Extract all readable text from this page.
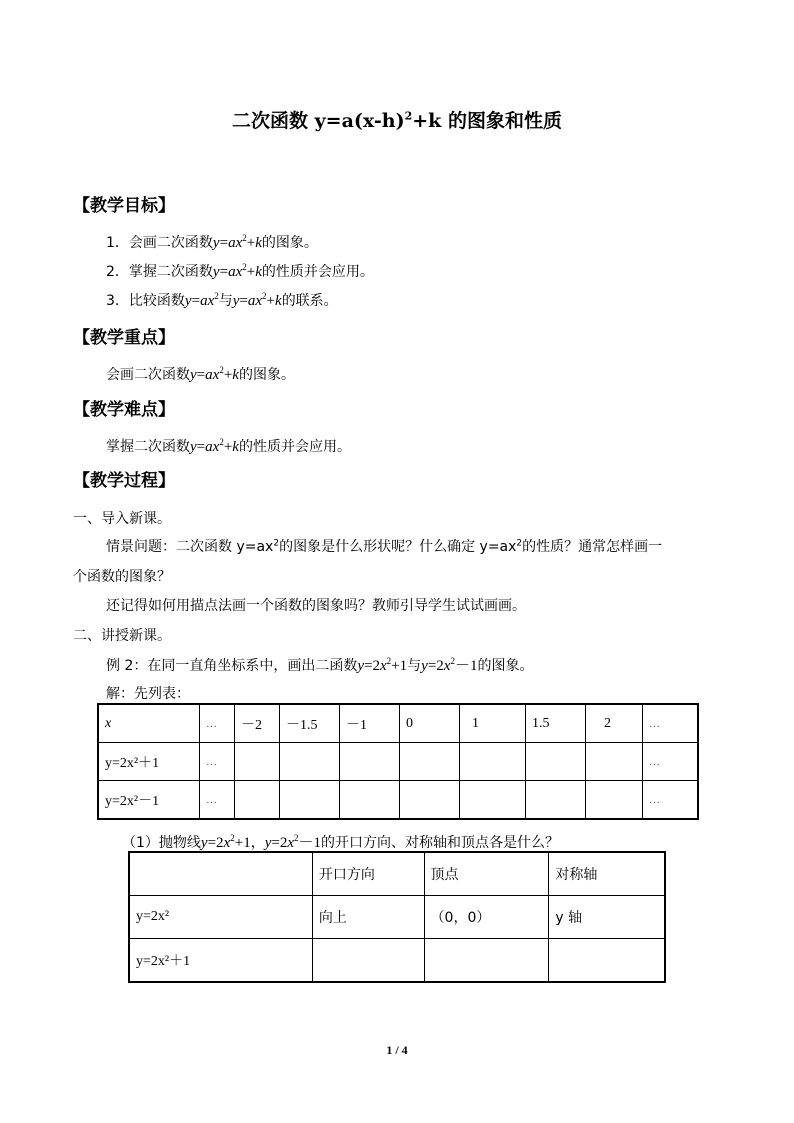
二次函数 $y=a(x-h)^2+k$ 的图象和性质
【教学目标】
1．会画二次函数$y=ax^2+k$的图象。
2．掌握二次函数$y=ax^2+k$的性质并会应用。
3．比较函数$y=ax^2$与$y=ax^2+k$的联系。
【教学重点】
会画二次函数$y=ax^2+k$的图象。
【教学难点】
掌握二次函数$y=ax^2+k$的性质并会应用。
【教学过程】
一、导入新课。
情景问题：二次函数 $y=ax^2$的图象是什么形状呢？什么确定 $y=ax^2$的性质？通常怎样画一
个函数的图象？
还记得如何用描点法画一个函数的图象吗？教师引导学生试试画画。
二、讲授新课。
例 2：在同一直角坐标系中，画出二函数$y=2x^2+1$与$y=2x^2-1$的图象。
解：先列表：
x	…	－2	－1.5	－1	0	1	1.5	2	…
y=2x²＋1	…								…
y=2x²－1	…								…
（1）抛物线$y=2x^2+1$，$y=2x^2-1$的开口方向、对称轴和顶点各是什么？
	开口方向	顶点	对称轴
y=2x²	向上	（0，0）	y 轴
y=2x²＋1			
1 / 4
